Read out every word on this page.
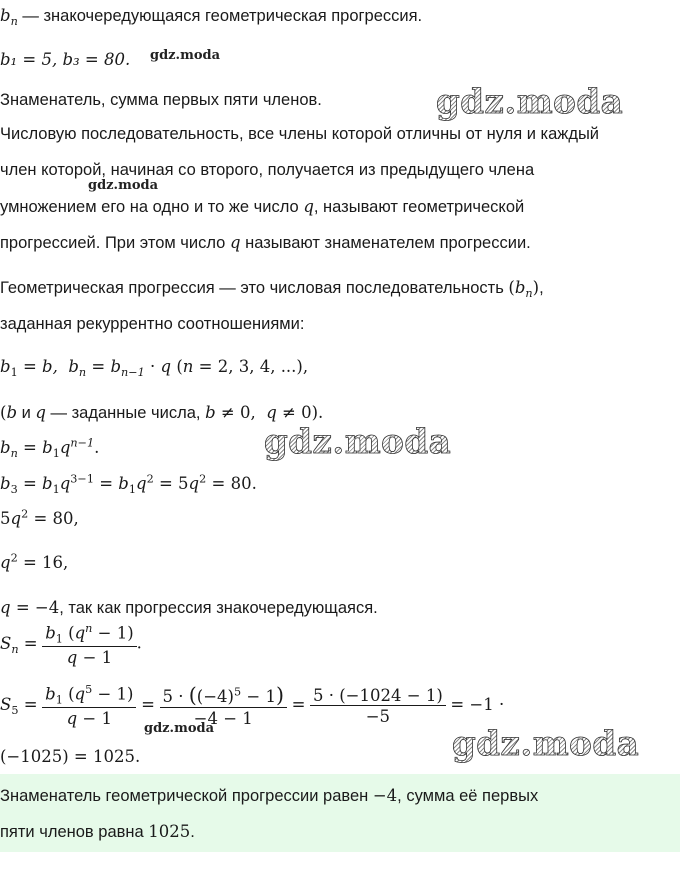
$b_n$ — знакочередующаяся геометрическая прогрессия.
b₁ = 5, b₃ = 80.
Знаменатель, сумма первых пяти членов.
Числовую последовательность, все члены которой отличны от нуля и каждый
член которой, начиная со второго, получается из предыдущего члена
умножением его на одно и то же число q, называют геометрической
прогрессией. При этом число q называют знаменателем прогрессии.
Геометрическая прогрессия — это числовая последовательность $(b_n)$,
заданная рекуррентно соотношениями:
$b_1 = b$,  $b_n = b_{n-1} \cdot q$ (n = 2, 3, 4, ...),
(b и q — заданные числа, b ≠ 0,  q ≠ 0).
$b_n = b_1q^{n-1}$.
$b_3 = b_1q^{3-1} = b_1q^2 = 5q^2 = 80$.
$5q^2 = 80$,
$q^2 = 16$,
q = −4, так как прогрессия знакочередующаяся.
$S_n = \frac{b_1 (q^n - 1)}{q - 1}$ .
$S_5 = \frac{b_1 (q^5 - 1)}{q - 1} = \frac{5 \cdot ((-4)^5 - 1)}{-4 - 1} = \frac{5 \cdot (-1024 - 1)}{-5} = -1$ ·
(−1025) = 1025.
Знаменатель геометрической прогрессии равен −4, сумма её первых
пяти членов равна 1025.
gdz.moda
gdz.moda
gdz.moda
gdz.moda
gdz.moda	gdz.moda
